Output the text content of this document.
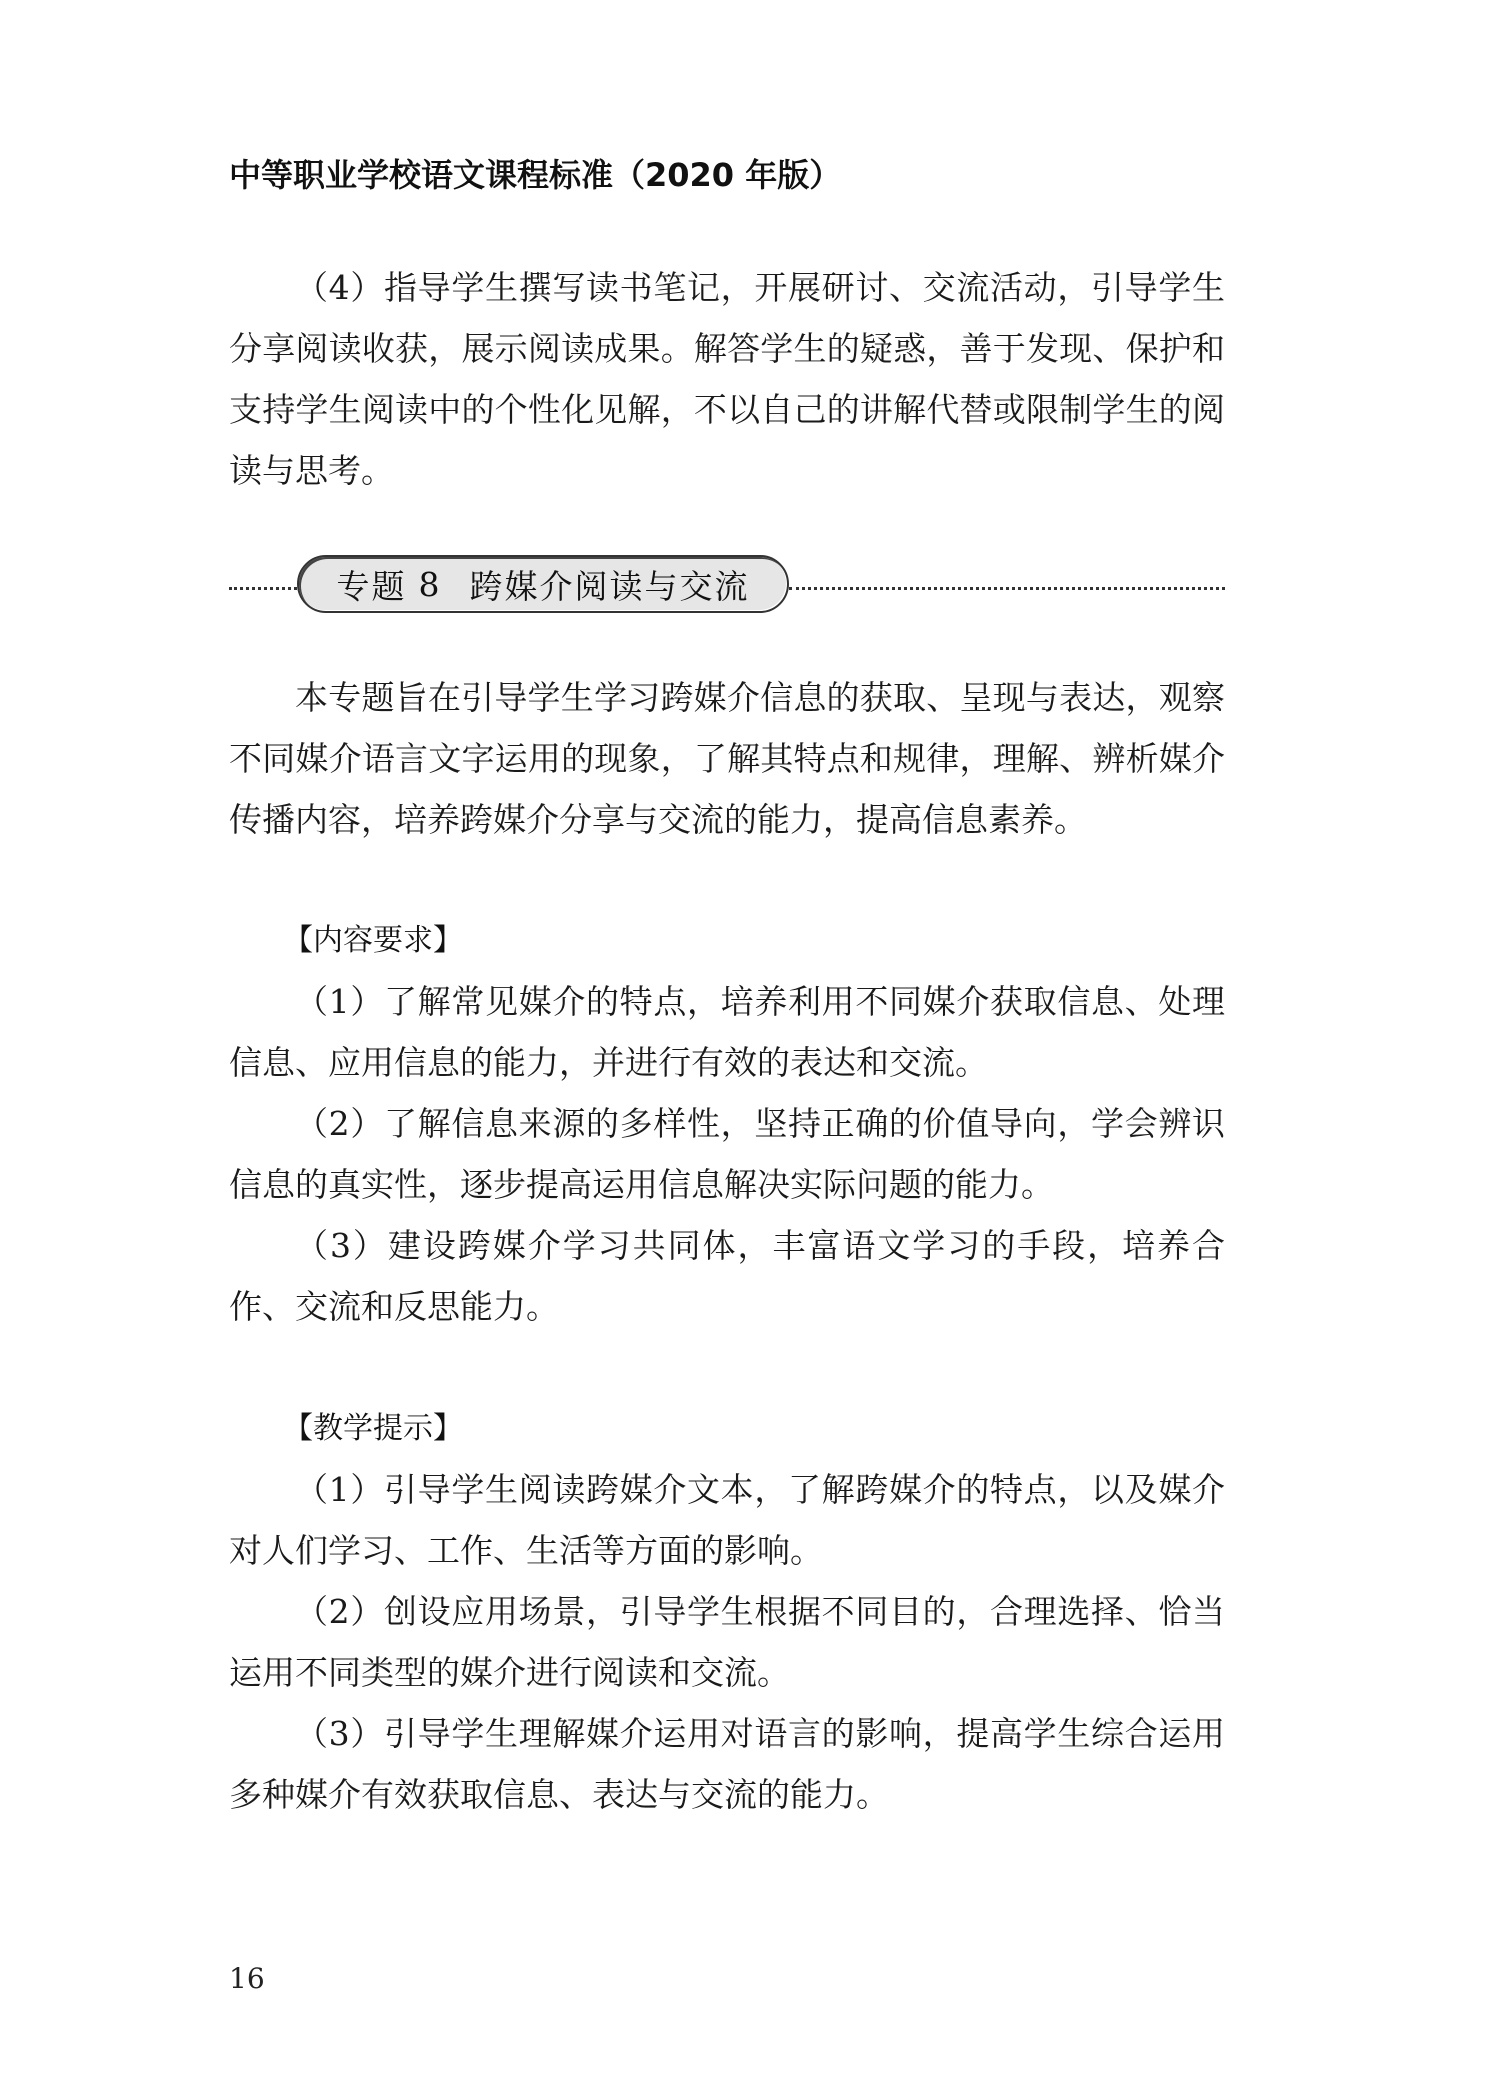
中等职业学校语文课程标准（2020 年版）

（4）指导学生撰写读书笔记，开展研讨、交流活动，引导学生分享阅读收获，展示阅读成果。解答学生的疑惑，善于发现、保护和支持学生阅读中的个性化见解，不以自己的讲解代替或限制学生的阅读与思考。

专题 8 跨媒介阅读与交流

本专题旨在引导学生学习跨媒介信息的获取、呈现与表达，观察不同媒介语言文字运用的现象，了解其特点和规律，理解、辨析媒介传播内容，培养跨媒介分享与交流的能力，提高信息素养。

【内容要求】

（1）了解常见媒介的特点，培养利用不同媒介获取信息、处理信息、应用信息的能力，并进行有效的表达和交流。

（2）了解信息来源的多样性，坚持正确的价值导向，学会辨识信息的真实性，逐步提高运用信息解决实际问题的能力。

（3）建设跨媒介学习共同体，丰富语文学习的手段，培养合作、交流和反思能力。

【教学提示】

（1）引导学生阅读跨媒介文本，了解跨媒介的特点，以及媒介对人们学习、工作、生活等方面的影响。

（2）创设应用场景，引导学生根据不同目的，合理选择、恰当运用不同类型的媒介进行阅读和交流。

（3）引导学生理解媒介运用对语言的影响，提高学生综合运用多种媒介有效获取信息、表达与交流的能力。

16
